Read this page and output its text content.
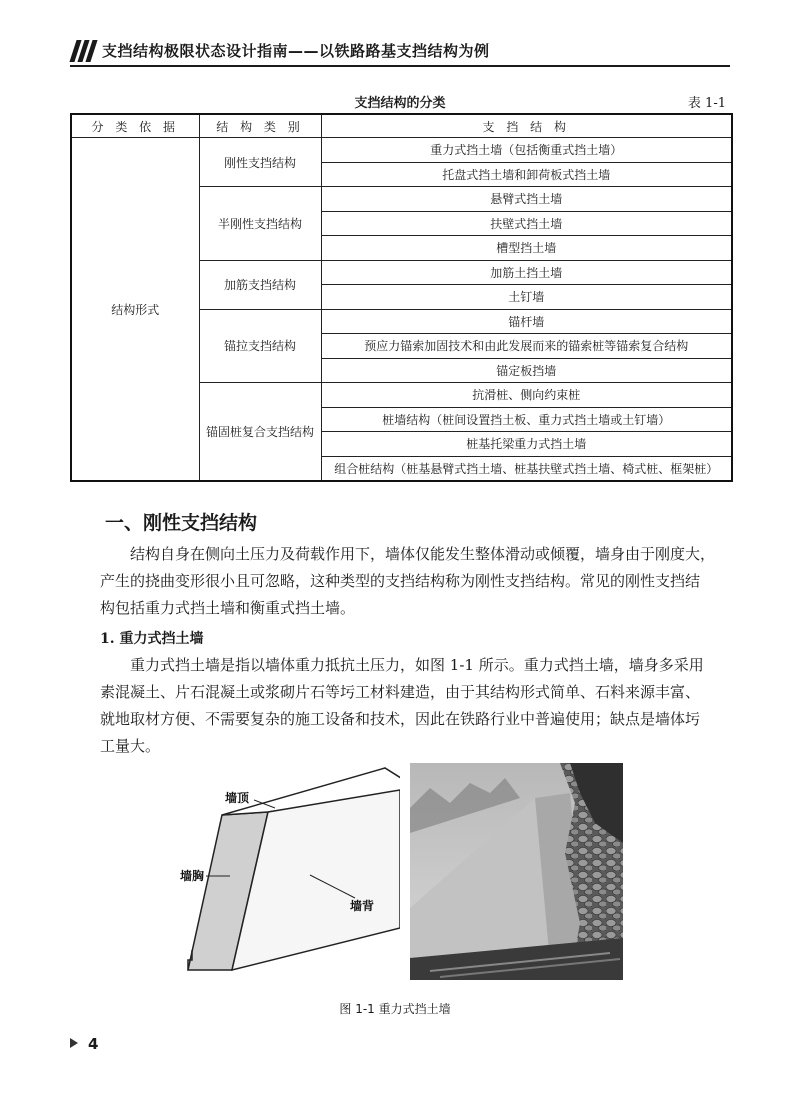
支挡结构极限状态设计指南——以铁路路基支挡结构为例
支挡结构的分类	表 1-1
分 类 依 据	结 构 类 别	支 挡 结 构
结构形式	刚性支挡结构	重力式挡土墙（包括衡重式挡土墙）
		托盘式挡土墙和卸荷板式挡土墙
	半刚性支挡结构	悬臂式挡土墙
		扶壁式挡土墙
		槽型挡土墙
	加筋支挡结构	加筋土挡土墙
		土钉墙
	锚拉支挡结构	锚杆墙
		预应力锚索加固技术和由此发展而来的锚索桩等锚索复合结构
		锚定板挡墙
	锚固桩复合支挡结构	抗滑桩、侧向约束桩
		桩墙结构（桩间设置挡土板、重力式挡土墙或土钉墙）
		桩基托梁重力式挡土墙
		组合桩结构（桩基悬臂式挡土墙、桩基扶壁式挡土墙、椅式桩、框架桩）
一、刚性支挡结构
结构自身在侧向土压力及荷载作用下，墙体仅能发生整体滑动或倾覆，墙身由于刚度大，
产生的挠曲变形很小且可忽略，这种类型的支挡结构称为刚性支挡结构。常见的刚性支挡结
构包括重力式挡土墙和衡重式挡土墙。
1. 重力式挡土墙
重力式挡土墙是指以墙体重力抵抗土压力，如图 1-1 所示。重力式挡土墙，墙身多采用
素混凝土、片石混凝土或浆砌片石等圬工材料建造，由于其结构形式简单、石料来源丰富、
就地取材方便、不需要复杂的施工设备和技术，因此在铁路行业中普遍使用；缺点是墙体圬
工量大。
墙顶
墙胸
墙背
图 1-1 重力式挡土墙
4
